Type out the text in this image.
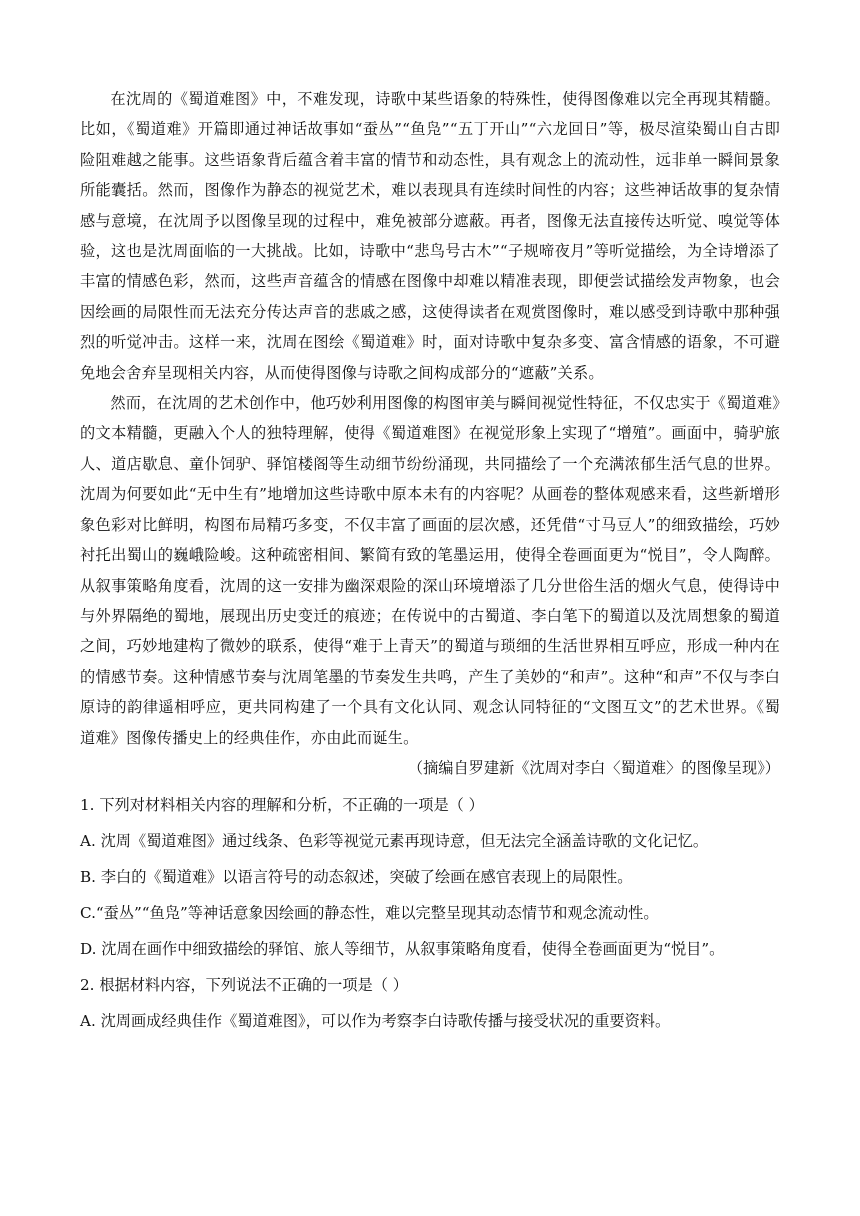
在沈周的《蜀道难图》中，不难发现，诗歌中某些语象的特殊性，使得图像难以完全再现其精髓。比如，《蜀道难》开篇即通过神话故事如“蚕丛”“鱼凫”“五丁开山”“六龙回日”等，极尽渲染蜀山自古即险阻难越之能事。这些语象背后蕴含着丰富的情节和动态性，具有观念上的流动性，远非单一瞬间景象所能囊括。然而，图像作为静态的视觉艺术，难以表现具有连续时间性的内容；这些神话故事的复杂情感与意境，在沈周予以图像呈现的过程中，难免被部分遮蔽。再者，图像无法直接传达听觉、嗅觉等体验，这也是沈周面临的一大挑战。比如，诗歌中“悲鸟号古木”“子规啼夜月”等听觉描绘，为全诗增添了丰富的情感色彩，然而，这些声音蕴含的情感在图像中却难以精准表现，即便尝试描绘发声物象，也会因绘画的局限性而无法充分传达声音的悲戚之感，这使得读者在观赏图像时，难以感受到诗歌中那种强烈的听觉冲击。这样一来，沈周在图绘《蜀道难》时，面对诗歌中复杂多变、富含情感的语象，不可避免地会舍弃呈现相关内容，从而使得图像与诗歌之间构成部分的“遮蔽”关系。

然而，在沈周的艺术创作中，他巧妙利用图像的构图审美与瞬间视觉性特征，不仅忠实于《蜀道难》的文本精髓，更融入个人的独特理解，使得《蜀道难图》在视觉形象上实现了“增殖”。画面中，骑驴旅人、道店歇息、童仆饲驴、驿馆楼阁等生动细节纷纷涌现，共同描绘了一个充满浓郁生活气息的世界。沈周为何要如此“无中生有”地增加这些诗歌中原本未有的内容呢？从画卷的整体观感来看，这些新增形象色彩对比鲜明，构图布局精巧多变，不仅丰富了画面的层次感，还凭借“寸马豆人”的细致描绘，巧妙衬托出蜀山的巍峨险峻。这种疏密相间、繁简有致的笔墨运用，使得全卷画面更为“悦目”，令人陶醉。从叙事策略角度看，沈周的这一安排为幽深艰险的深山环境增添了几分世俗生活的烟火气息，使得诗中与外界隔绝的蜀地，展现出历史变迁的痕迹；在传说中的古蜀道、李白笔下的蜀道以及沈周想象的蜀道之间，巧妙地建构了微妙的联系，使得“难于上青天”的蜀道与琐细的生活世界相互呼应，形成一种内在的情感节奏。这种情感节奏与沈周笔墨的节奏发生共鸣，产生了美妙的“和声”。这种“和声”不仅与李白原诗的韵律遥相呼应，更共同构建了一个具有文化认同、观念认同特征的“文图互文”的艺术世界。《蜀道难》图像传播史上的经典佳作，亦由此而诞生。

（摘编自罗建新《沈周对李白〈蜀道难〉的图像呈现》）

1. 下列对材料相关内容的理解和分析，不正确的一项是（ ）

A. 沈周《蜀道难图》通过线条、色彩等视觉元素再现诗意，但无法完全涵盖诗歌的文化记忆。

B. 李白的《蜀道难》以语言符号的动态叙述，突破了绘画在感官表现上的局限性。

C.“蚕丛”“鱼凫”等神话意象因绘画的静态性，难以完整呈现其动态情节和观念流动性。

D. 沈周在画作中细致描绘的驿馆、旅人等细节，从叙事策略角度看，使得全卷画面更为“悦目”。

2. 根据材料内容，下列说法不正确的一项是（ ）

A. 沈周画成经典佳作《蜀道难图》，可以作为考察李白诗歌传播与接受状况的重要资料。
